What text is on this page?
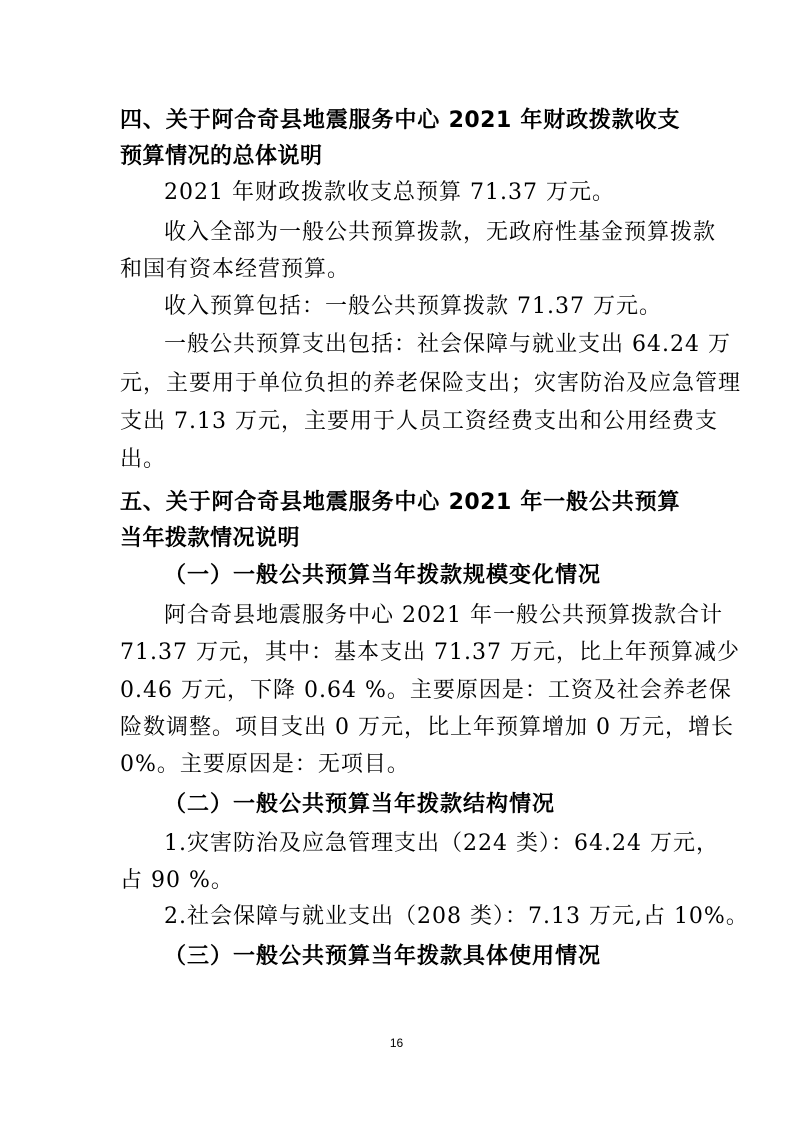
四、关于阿合奇县地震服务中心 2021 年财政拨款收支
预算情况的总体说明
2021 年财政拨款收支总预算 71.37 万元。
收入全部为一般公共预算拨款，无政府性基金预算拨款
和国有资本经营预算。
收入预算包括：一般公共预算拨款 71.37 万元。
一般公共预算支出包括：社会保障与就业支出 64.24 万
元，主要用于单位负担的养老保险支出；灾害防治及应急管理
支出 7.13 万元，主要用于人员工资经费支出和公用经费支
出。
五、关于阿合奇县地震服务中心 2021 年一般公共预算
当年拨款情况说明
（一）一般公共预算当年拨款规模变化情况
阿合奇县地震服务中心 2021 年一般公共预算拨款合计
71.37 万元，其中：基本支出 71.37 万元，比上年预算减少
0.46 万元，下降 0.64 %。主要原因是：工资及社会养老保
险数调整。项目支出 0 万元，比上年预算增加 0 万元，增长
0%。主要原因是：无项目。
（二）一般公共预算当年拨款结构情况
1.灾害防治及应急管理支出（224 类）：64.24 万元，
占 90 %。
2.社会保障与就业支出（208 类）：7.13 万元,占 10%。
（三）一般公共预算当年拨款具体使用情况
16
